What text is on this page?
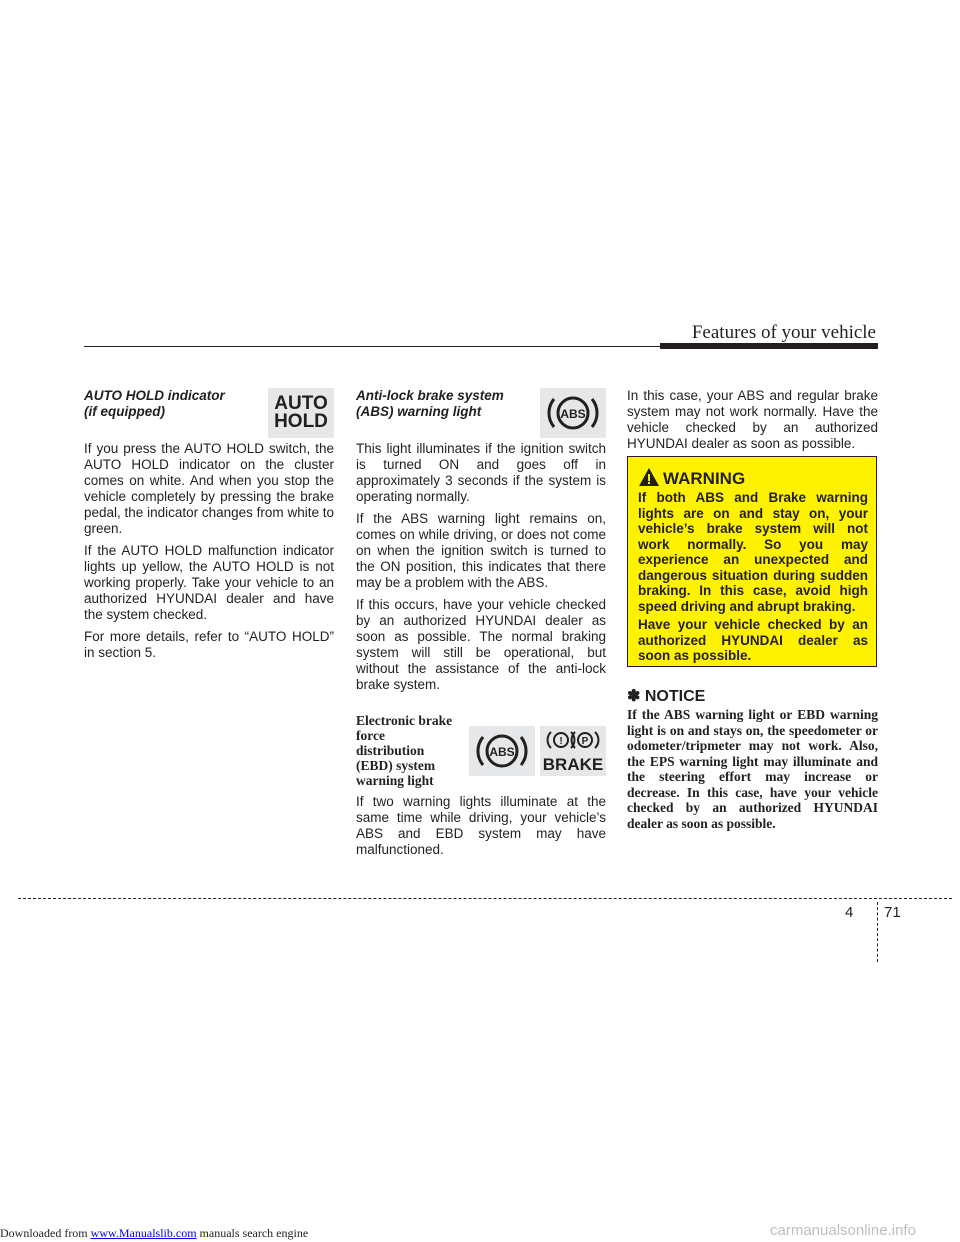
Features of your vehicle

AUTO HOLD indicator
(if equipped)

If you press the AUTO HOLD switch, the AUTO HOLD indicator on the cluster comes on white. And when you stop the vehicle completely by pressing the brake pedal, the indicator changes from white to green.

If the AUTO HOLD malfunction indicator lights up yellow, the AUTO HOLD is not working properly. Take your vehicle to an authorized HYUNDAI dealer and have the system checked.

For more details, refer to “AUTO HOLD” in section 5.

AUTO
HOLD

Anti-lock brake system
(ABS) warning light

This light illuminates if the ignition switch is turned ON and goes off in approximately 3 seconds if the system is operating normally.

If the ABS warning light remains on, comes on while driving, or does not come on when the ignition switch is turned to the ON position, this indicates that there may be a problem with the ABS.

If this occurs, have your vehicle checked by an authorized HYUNDAI dealer as soon as possible. The normal braking system will still be operational, but without the assistance of the anti-lock brake system.

Electronic brake
force distribution
(EBD) system
warning light

If two warning lights illuminate at the same time while driving, your vehicle’s ABS and EBD system may have malfunctioned.

ABS
ABS
! P
BRAKE

In this case, your ABS and regular brake system may not work normally. Have the vehicle checked by an authorized HYUNDAI dealer as soon as possible.

WARNING

If both ABS and Brake warning lights are on and stay on, your vehicle’s brake system will not work normally. So you may experience an unexpected and dangerous situation during sudden braking. In this case, avoid high speed driving and abrupt braking.

Have your vehicle checked by an authorized HYUNDAI dealer as soon as possible.

✽ NOTICE
If the ABS warning light or EBD warning light is on and stays on, the speedometer or odometer/tripmeter may not work. Also, the EPS warning light may illuminate and the steering effort may increase or decrease. In this case, have your vehicle checked by an authorized HYUNDAI dealer as soon as possible.
4 71
Downloaded from www.Manualslib.com manuals search engine	carmanualsonline.info
